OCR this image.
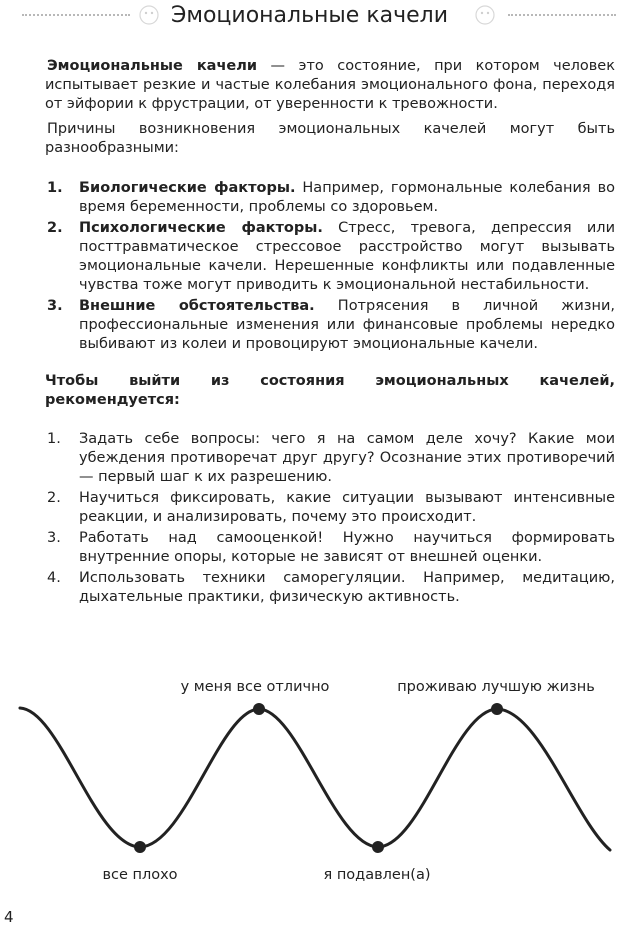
Эмоциональные качели

Эмоциональные качели — это состояние, при котором человек испытывает резкие и частые колебания эмоционального фона, переходя от эйфории к фрустрации, от уверенности к тревожности.

Причины возникновения эмоциональных качелей могут быть разнообразными:

1. Биологические факторы. Например, гормональные колебания во время беременности, проблемы со здоровьем.
2. Психологические факторы. Стресс, тревога, депрессия или посттравматическое стрессовое расстройство могут вызывать эмоциональные качели. Нерешенные конфликты или подавленные чувства тоже могут приводить к эмоциональной нестабильности.
3. Внешние обстоятельства. Потрясения в личной жизни, профессиональные изменения или финансовые проблемы нередко выбивают из колеи и провоцируют эмоциональные качели.

Чтобы выйти из состояния эмоциональных качелей, рекомендуется:

1. Задать себе вопросы: чего я на самом деле хочу? Какие мои убеждения противоречат друг другу? Осознание этих противоречий — первый шаг к их разрешению.
2. Научиться фиксировать, какие ситуации вызывают интенсивные реакции, и анализировать, почему это происходит.
3. Работать над самооценкой! Нужно научиться формировать внутренние опоры, которые не зависят от внешней оценки.
4. Использовать техники саморегуляции. Например, медитацию, дыхательные практики, физическую активность.
у меня все отлично	проживаю лучшую жизнь
все плохо	я подавлен(а)
4
